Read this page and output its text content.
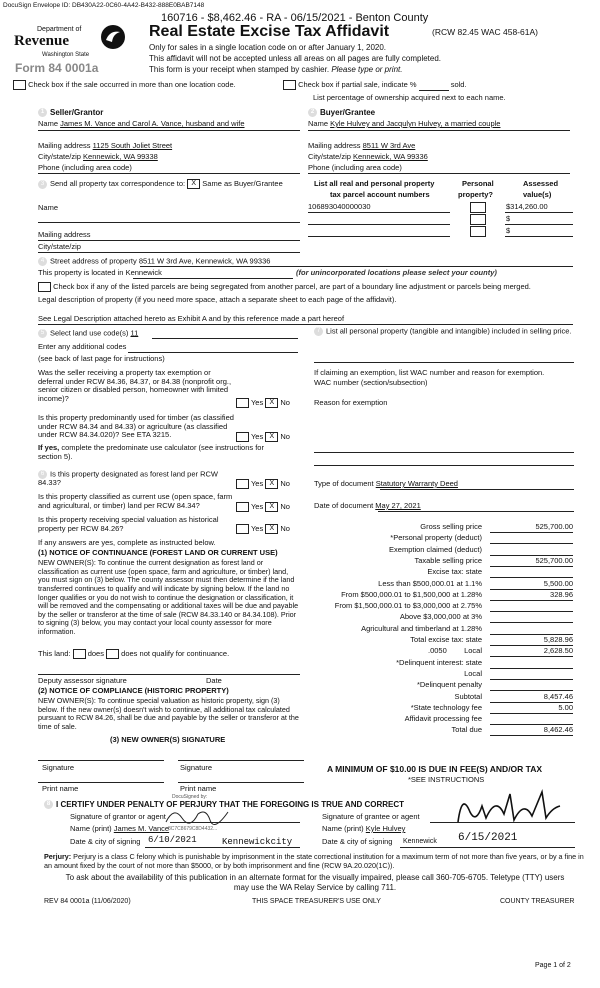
DocuSign Envelope ID: DB430A22-0C60-4A42-B432-888E0BAB7148
160716 - $8,462.46 - RA - 06/15/2021 - Benton County
Department of
Revenue
Washington State
Form 84 0001a
Real Estate Excise Tax Affidavit	(RCW 82.45 WAC 458-61A)
Only for sales in a single location code on or after January 1, 2020.
This affidavit will not be accepted unless all areas on all pages are fully completed.
This form is your receipt when stamped by cashier. Please type or print.
Check box if the sale occurred in more than one location code.	Check box if partial sale, indicate %	sold.
List percentage of ownership acquired next to each name.
1 Seller/Grantor
Name James M. Vance and Carol A. Vance, husband and wife
Mailing address 1125 South Joliet Street
City/state/zip Kennewick, WA 99338
Phone (including area code)
3 Send all property tax correspondence to: X Same as Buyer/Grantee
Name
Mailing address
City/state/zip
2 Buyer/Grantee
Name Kyle Hulvey and Jacqulyn Hulvey, a married couple
Mailing address 8511 W 3rd Ave
City/state/zip Kennewick, WA 99336
Phone (including area code)
List all real and personal property
tax parcel account numbers
Personal
property?
Assessed
value(s)
106893040000030	$314,260.00
$
$
4 Street address of property 8511 W 3rd Ave, Kennewick, WA 99336
This property is located in Kennewick	(for unincorporated locations please select your county)
Check box if any of the listed parcels are being segregated from another parcel, are part of a boundary line adjustment or parcels being merged.
Legal description of property (if you need more space, attach a separate sheet to each page of the affidavit).
See Legal Description attached hereto as Exhibit A and by this reference made a part hereof
5 Select land use code(s) 11
Enter any additional codes
(see back of last page for instructions)
Was the seller receiving a property tax exemption or deferral under RCW 84.36, 84.37, or 84.38 (nonprofit org., senior citizen or disabled person, homeowner with limited income)?	Yes X No
Is this property predominantly used for timber (as classified under RCW 84.34 and 84.33) or agriculture (as classified under RCW 84.34.020)? See ETA 3215.	Yes X No
If yes, complete the predominate use calculator (see instructions for section 5).
6 Is this property designated as forest land per RCW 84.33?	Yes X No
Is this property classified as current use (open space, farm and agricultural, or timber) land per RCW 84.34?	Yes X No
Is this property receiving special valuation as historical property per RCW 84.26?	Yes X No
If any answers are yes, complete as instructed below.
(1) NOTICE OF CONTINUANCE (FOREST LAND OR CURRENT USE)
NEW OWNER(S): To continue the current designation as forest land or classification as current use (open space, farm and agriculture, or timber) land, you must sign on (3) below. The county assessor must then determine if the land transferred continues to qualify and will indicate by signing below. If the land no longer qualifies or you do not wish to continue the designation or classification, it will be removed and the compensating or additional taxes will be due and payable by the seller or transferor at the time of sale (RCW 84.33.140 or 84.34.108). Prior to signing (3) below, you may contact your local county assessor for more information.
This land: does does not qualify for continuance.
Deputy assessor signature	Date
(2) NOTICE OF COMPLIANCE (HISTORIC PROPERTY)
NEW OWNER(S): To continue special valuation as historic property, sign (3) below. If the new owner(s) doesn't wish to continue, all additional tax calculated pursuant to RCW 84.26, shall be due and payable by the seller or transferor at the time of sale.
(3) NEW OWNER(S) SIGNATURE
Signature	Signature
Print name	Print name
7 List all personal property (tangible and intangible) included in selling price.
If claiming an exemption, list WAC number and reason for exemption.
WAC number (section/subsection)
Reason for exemption
Type of document Statutory Warranty Deed
Date of document May 27, 2021
Gross selling price	525,700.00
*Personal property (deduct)
Exemption claimed (deduct)
Taxable selling price	525,700.00
Excise tax: state
Less than $500,000.01 at 1.1%	5,500.00
From $500,000.01 to $1,500,000 at 1.28%	328.96
From $1,500,000.01 to $3,000,000 at 2.75%
Above $3,000,000 at 3%
Agricultural and timberland at 1.28%
Total excise tax: state	5,828.96
Local
.0050	2,628.50
*Delinquent interest: state
Local
*Delinquent penalty
Subtotal	8,457.46
*State technology fee	5.00
Affidavit processing fee
Total due	8,462.46
A MINIMUM OF $10.00 IS DUE IN FEE(S) AND/OR TAX
*SEE INSTRUCTIONS
8 I CERTIFY UNDER PENALTY OF PERJURY THAT THE FOREGOING IS TRUE AND CORRECT
DocuSigned by:
Signature of grantor or agent
Name (print) James M. Vance
8C7C8679C8D4432...
Date & city of signing 6/10/2021	Kennewickcity
Signature of grantee or agent
Name (print) Kyle Hulvey
Date & city of signing Kennewick 6/15/2021
Perjury: Perjury is a class C felony which is punishable by imprisonment in the state correctional institution for a maximum term of not more than five years, or by a fine in an amount fixed by the court of not more than $5000, or by both imprisonment and fine (RCW 9A.20.020(1C)).
To ask about the availability of this publication in an alternate format for the visually impaired, please call 360-705-6705. Teletype (TTY) users may use the WA Relay Service by calling 711.
REV 84 0001a (11/06/2020)	THIS SPACE TREASURER'S USE ONLY	COUNTY TREASURER
Page 1 of 2
